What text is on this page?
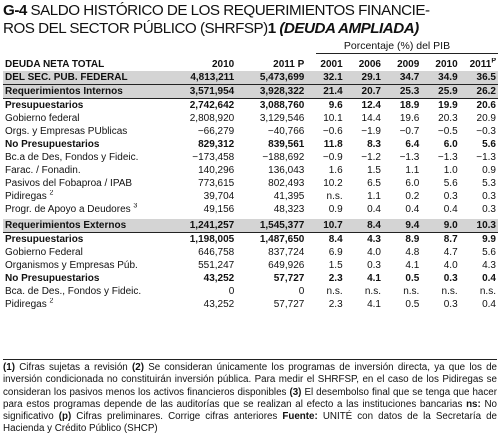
G-4 SALDO HISTÓRICO DE LOS REQUERIMIENTOS FINANCIE-
ROS DEL SECTOR PÚBLICO (SHRFSP)1 (DEUDA AMPLIADA)
Porcentaje (%) del PIB
DEUDA NETA TOTAL	2010	2011 P	2001	2006	2009	2010	$2011^P$
DEL SEC. PUB. FEDERAL	4,813,211	5,473,699	32.1	29.1	34.7	34.9	36.5
Requerimientos Internos	3,571,954	3,928,322	21.4	20.7	25.3	25.9	26.2
Presupuestarios	2,742,642	3,088,760	9.6	12.4	18.9	19.9	20.6
Gobierno federal	2,808,920	3,129,546	10.1	14.4	19.6	20.3	20.9
Orgs. y Empresas PUblicas	−66,279	−40,766	−0.6	−1.9	−0.7	−0.5	−0.3
No Presupuestarios	829,312	839,561	11.8	8.3	6.4	6.0	5.6
Bc.a de Des, Fondos y Fideic.	−173,458	−188,692	−0.9	−1.2	−1.3	−1.3	−1.3
Farac. / Fonadin.	140,296	136,043	1.6	1.5	1.1	1.0	0.9
Pasivos del Fobaproa / IPAB	773,615	802,493	10.2	6.5	6.0	5.6	5.3
Pidiregas $^2$	39,704	41,395	n.s.	1.1	0.2	0.3	0.3
Progr. de Apoyo a Deudores $^3$	49,156	48,323	0.9	0.4	0.4	0.4	0.3

Requerimientos Externos	1,241,257	1,545,377	10.7	8.4	9.4	9.0	10.3
Presupuestarios	1,198,005	1,487,650	8.4	4.3	8.9	8.7	9.9
Gobierno Federal	646,758	837,724	6.9	4.0	4.8	4.7	5.6
Organismos y Empresas Púb.	551,247	649,926	1.5	0.3	4.1	4.0	4.3
No Presupuestarios	43,252	57,727	2.3	4.1	0.5	0.3	0.4
Bca. de Des., Fondos y Fideic.	0	0	n.s.	n.s.	n.s.	n.s.	n.s.
Pidiregas $^2$	43,252	57,727	2.3	4.1	0.5	0.3	0.4
(1) Cifras sujetas a revisión (2) Se consideran únicamente los programas de inversión directa, ya que los de inversión condicionada no constituirán inversión pública. Para medir el SHRFSP, en el caso de los Pidiregas se consideran los pasivos menos los activos financieros disponibles (3) El desembolso final que se tenga que hacer para estos programas depende de las auditorías que se realizan al efecto a las instituciones bancarias ns: No significativo (p) Cifras preliminares. Corrige cifras anteriores Fuente: UNITÉ con datos de la Secretaría de Hacienda y Crédito Público (SHCP)
